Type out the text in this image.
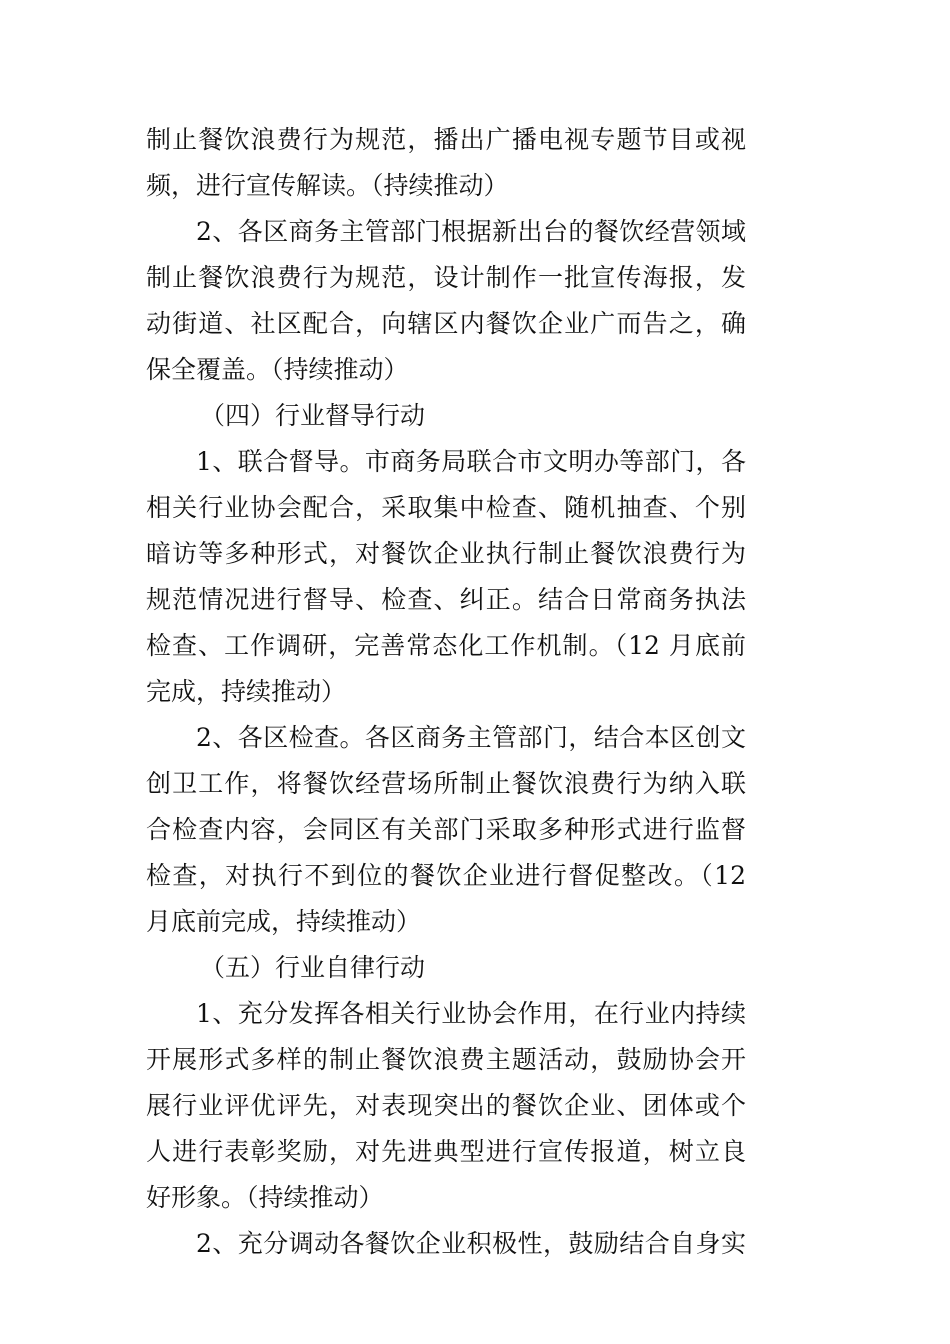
制止餐饮浪费行为规范，播出广播电视专题节目或视

频，进行宣传解读。（持续推动）

2、各区商务主管部门根据新出台的餐饮经营领域

制止餐饮浪费行为规范，设计制作一批宣传海报，发

动街道、社区配合，向辖区内餐饮企业广而告之，确

保全覆盖。（持续推动）

（四）行业督导行动

1、联合督导。市商务局联合市文明办等部门，各

相关行业协会配合，采取集中检查、随机抽查、个别

暗访等多种形式，对餐饮企业执行制止餐饮浪费行为

规范情况进行督导、检查、纠正。结合日常商务执法

检查、工作调研，完善常态化工作机制。（12 月底前

完成，持续推动）

2、各区检查。各区商务主管部门，结合本区创文

创卫工作，将餐饮经营场所制止餐饮浪费行为纳入联

合检查内容，会同区有关部门采取多种形式进行监督

检查，对执行不到位的餐饮企业进行督促整改。（12

月底前完成，持续推动）

（五）行业自律行动

1、充分发挥各相关行业协会作用，在行业内持续

开展形式多样的制止餐饮浪费主题活动，鼓励协会开

展行业评优评先，对表现突出的餐饮企业、团体或个

人进行表彰奖励，对先进典型进行宣传报道，树立良

好形象。（持续推动）

2、充分调动各餐饮企业积极性，鼓励结合自身实
